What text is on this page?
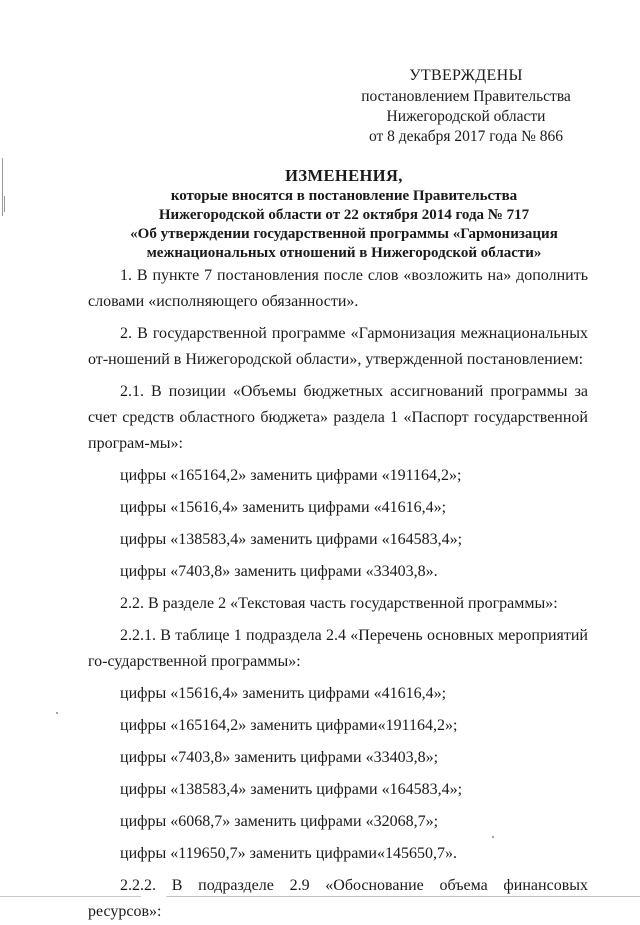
УТВЕРЖДЕНЫ
постановлением Правительства
Нижегородской области
от 8 декабря 2017 года № 866
ИЗМЕНЕНИЯ,
которые вносятся в постановление Правительства
Нижегородской области от 22 октября 2014 года № 717
«Об утверждении государственной программы «Гармонизация
межнациональных отношений в Нижегородской области»

1. В пункте 7 постановления после слов «возложить на» дополнить словами «исполняющего обязанности».

2. В государственной программе «Гармонизация межнациональных от-ношений в Нижегородской области», утвержденной постановлением:

2.1. В позиции «Объемы бюджетных ассигнований программы за счет средств областного бюджета» раздела 1 «Паспорт государственной програм-мы»:

цифры «165164,2» заменить цифрами «191164,2»;

цифры «15616,4» заменить цифрами «41616,4»;

цифры «138583,4» заменить цифрами «164583,4»;

цифры «7403,8» заменить цифрами «33403,8».

2.2. В разделе 2 «Текстовая часть государственной программы»:

2.2.1. В таблице 1 подраздела 2.4 «Перечень основных мероприятий го-сударственной программы»:

цифры «15616,4» заменить цифрами «41616,4»;

цифры «165164,2» заменить цифрами«191164,2»;

цифры «7403,8» заменить цифрами «33403,8»;

цифры «138583,4» заменить цифрами «164583,4»;

цифры «6068,7» заменить цифрами «32068,7»;

цифры «119650,7» заменить цифрами«145650,7».

2.2.2. В подразделе 2.9 «Обоснование объема финансовых ресурсов»:
